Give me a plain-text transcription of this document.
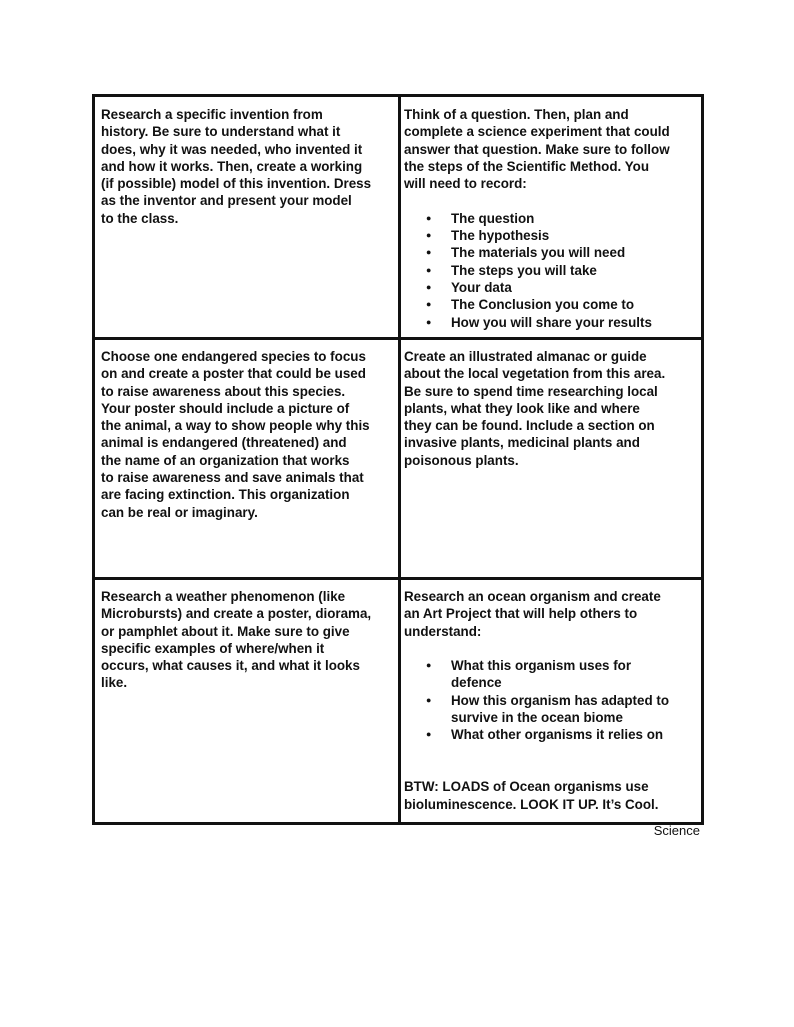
Research a specific invention from
history. Be sure to understand what it
does, why it was needed, who invented it
and how it works. Then, create a working
(if possible) model of this invention. Dress
as the inventor and present your model
to the class.
Think of a question. Then, plan and
complete a science experiment that could
answer that question. Make sure to follow
the steps of the Scientific Method. You
will need to record:
● The question
● The hypothesis
● The materials you will need
● The steps you will take
● Your data
● The Conclusion you come to
● How you will share your results
Choose one endangered species to focus
on and create a poster that could be used
to raise awareness about this species.
Your poster should include a picture of
the animal, a way to show people why this
animal is endangered (threatened) and
the name of an organization that works
to raise awareness and save animals that
are facing extinction. This organization
can be real or imaginary.
Create an illustrated almanac or guide
about the local vegetation from this area.
Be sure to spend time researching local
plants, what they look like and where
they can be found. Include a section on
invasive plants, medicinal plants and
poisonous plants.
Research a weather phenomenon (like
Microbursts) and create a poster, diorama,
or pamphlet about it. Make sure to give
specific examples of where/when it
occurs, what causes it, and what it looks
like.
Research an ocean organism and create
an Art Project that will help others to
understand:
● What this organism uses for
defence
● How this organism has adapted to
survive in the ocean biome
● What other organisms it relies on
BTW: LOADS of Ocean organisms use
bioluminescence. LOOK IT UP. It’s Cool.
Science
